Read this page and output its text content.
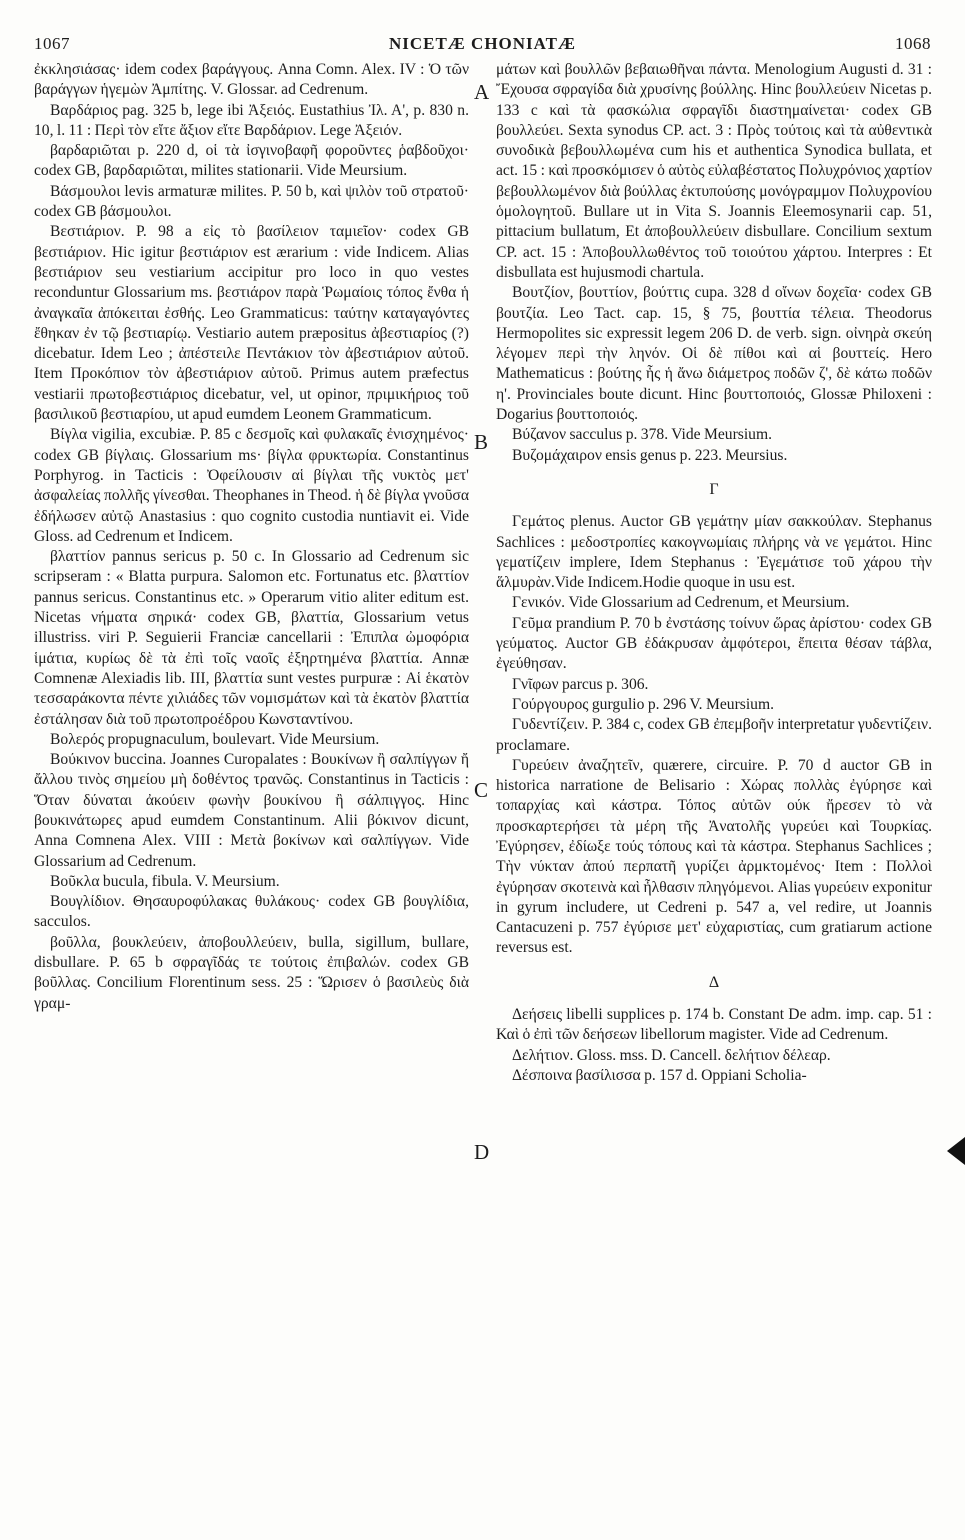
1067	NICETÆ CHONIATÆ	1068

ἐκκλησιάσας· idem codex βαράγγους. Anna Comn. Alex. IV : Ὁ τῶν βαράγγων ἡγεμὼν Ἀμπίτης. V. Glossar. ad Cedrenum.

Βαρδάριος pag. 325 b, lege ibi Ἀξειός. Eustathius Ἰλ. Α', p. 830 n. 10, l. 11 : Περὶ τὸν εἴτε ἄξιον εἴτε Βαρδάριον. Lege Ἀξειόν.

βαρδαριῶται p. 220 d, οἱ τὰ ἰσγινοβαφῆ φοροῦντες ῥαβδοῦχοι· codex GB, βαρδαριῶται, milites stationarii. Vide Meursium.

Βάσμουλοι levis armaturæ milites. P. 50 b, καὶ ψιλὸν τοῦ στρατοῦ· codex GB βάσμουλοι.

Βεστιάριον. P. 98 a εἰς τὸ βασίλειον ταμιεῖον· codex GB βεστιάριον. Hic igitur βεστιάριον est ærarium : vide Indicem. Alias βεστιάριον seu vestiarium accipitur pro loco in quo vestes reconduntur Glossarium ms. βεστιάρον παρὰ Ῥωμαίοις τόπος ἔνθα ἡ ἀναγκαῖα ἀπόκειται ἐσθής. Leo Grammaticus: ταύτην καταγαγόντες ἔθηκαν ἐν τῷ βεστιαρίῳ. Vestiario autem præpositus ἀβεστιαρίος (?) dicebatur. Idem Leo ; ἀπέστειλε Πεντάκιον τὸν ἀβεστιάριον αὐτοῦ. Item Προκόπιον τὸν ἀβεστιάριον αὐτοῦ. Primus autem præfectus vestiarii πρωτοβεστιάριος dicebatur, vel, ut opinor, πριμικήριος τοῦ βασιλικοῦ βεστιαρίου, ut apud eumdem Leonem Grammaticum.

Βίγλα vigilia, excubiæ. P. 85 c δεσμοῖς καὶ φυλακαῖς ἐνισχημένος· codex GB βίγλαις. Glossarium ms· βίγλα φρυκτωρία. Constantinus Porphyrog. in Tacticis : Ὀφείλουσιν αἱ βίγλαι τῆς νυκτὸς μετ' ἀσφαλείας πολλῆς γίνεσθαι. Theophanes in Theod. ἡ δὲ βίγλα γνοῦσα ἐδήλωσεν αὐτῷ Anastasius : quo cognito custodia nuntiavit ei. Vide Gloss. ad Cedrenum et Indicem.

βλαττίον pannus sericus p. 50 c. In Glossario ad Cedrenum sic scripseram : « Blatta purpura. Salomon etc. Fortunatus etc. βλαττίον pannus sericus. Constantinus etc. » Operarum vitio aliter editum est. Nicetas νήματα σηρικά· codex GB, βλαττία, Glossarium vetus illustriss. viri P. Seguierii Franciæ cancellarii : Ἐπιπλα ὠμοφόρια ἱμάτια, κυρίως δὲ τὰ ἐπὶ τοῖς ναοῖς ἐξηρτημένα βλαττία. Annæ Comnenæ Alexiadis lib. III, βλαττία sunt vestes purpuræ : Αἱ ἑκατὸν τεσσαράκοντα πέντε χιλιάδες τῶν νομισμάτων καὶ τὰ ἑκατὸν βλαττία ἐστάλησαν διὰ τοῦ πρωτοπροέδρου Κωνσταντίνου.

Βολερός propugnaculum, boulevart. Vide Meursium.

Βούκινον buccina. Joannes Curopalates : Βουκίνων ἢ σαλπίγγων ἤ ἄλλου τινὸς σημείου μὴ δοθέντος τρανῶς. Constantinus in Tacticis : Ὅταν δύναται ἀκούειν φωνὴν βουκίνου ἢ σάλπιγγος. Hinc βουκινάτωρες apud eumdem Constantinum. Alii βόκινον dicunt, Anna Comnena Alex. VIII : Μετὰ βοκίνων καὶ σαλπίγγων. Vide Glossarium ad Cedrenum.

Βοῦκλα bucula, fibula. V. Meursium.

Βουγλίδιον. Θησαυροφύλακας θυλάκους· codex GB βουγλίδια, sacculos.

βοῦλλα, βουκλεύειν, ἀποβουλλεύειν, bulla, sigillum, bullare, disbullare. P. 65 b σφραγῖδάς τε τούτοις ἐπιβαλών. codex GB βοῦλλας. Concilium Florentinum sess. 25 : Ὥρισεν ὁ βασιλεὺς διὰ γραμ-

μάτων καὶ βουλλῶν βεβαιωθῆναι πάντα. Menologium Augusti d. 31 : Ἔχουσα σφραγίδα διὰ χρυσίνης βούλλης. Hinc βουλλεύειν Nicetas p. 133 c καὶ τὰ φασκώλια σφραγῖδι διαστημαίνεται· codex GB βουλλεύει. Sexta synodus CP. act. 3 : Πρὸς τούτοις καὶ τὰ αὐθεντικὰ συνοδικὰ βεβουλλωμένα cum his et authentica Synodica bullata, et act. 15 : καὶ προσκόμισεν ὁ αὐτὸς εὐλαβέστατος Πολυχρόνιος χαρτίον βεβουλλωμένον διὰ βούλλας ἐκτυπούσης μονόγραμμον Πολυχρονίου ὁμολογητοῦ. Bullare ut in Vita S. Joannis Eleemosynarii cap. 51, pittacium bullatum, Et ἀποβουλλεύειν disbullare. Concilium sextum CP. act. 15 : Ἀποβουλλωθέντος τοῦ τοιούτου χάρτου. Interpres : Et disbullata est hujusmodi chartula.

Βουτζίον, βουττίον, βούττις cupa. 328 d οἴνων δοχεῖα· codex GB βουτζία. Leo Tact. cap. 15, § 75, βουττία τέλεια. Theodorus Hermopolites sic expressit legem 206 D. de verb. sign. οἰνηρὰ σκεύη λέγομεν περὶ τὴν ληνόν. Οἱ δὲ πίθοι καὶ αἱ βουττείς. Hero Mathematicus : βούτης ἧς ἡ ἄνω διάμετρος ποδῶν ζ', δὲ κάτω ποδῶν η'. Provinciales boute dicunt. Hinc βουττοποιός, Glossæ Philoxeni : Dogarius βουττοποιός.

Βύζανον sacculus p. 378. Vide Meursium.

Βυζομάχαιρον ensis genus p. 223. Meursius.

Γ

Γεμάτος plenus. Auctor GB γεμάτην μίαν σακκούλαν. Stephanus Sachlices : μεδοστροπίες κακογνωμίαις πλήρης νὰ νε γεμάτοι. Hinc γεματίζειν implere, Idem Stephanus : Ἐγεμάτισε τοῦ χάρου τὴν ἅλμυρὰν.Vide Indicem.Hodie quoque in usu est.

Γενικόν. Vide Glossarium ad Cedrenum, et Meursium.

Γεῦμα prandium P. 70 b ἐνστάσης τοίνυν ὥρας ἀρίστου· codex GB γεύματος. Auctor GB ἐδάκρυσαν ἀμφότεροι, ἔπειτα θέσαν τάβλα, ἐγεύθησαν.

Γνῖφων parcus p. 306.

Γούργουρος gurgulio p. 296 V. Meursium.

Γυδεντίζειν. P. 384 c, codex GB ἐπεμβοῆν interpretatur γυδεντίζειν. proclamare.

Γυρεύειν ἀναζητεῖν, quærere, circuire. P. 70 d auctor GB in historica narratione de Belisario : Χώρας πολλὰς ἐγύρησε καὶ τοπαρχίας καὶ κάστρα. Τόπος αὐτῶν ούκ ἤρεσεν τὸ νὰ προσκαρτερήσει τὰ μέρη τῆς Ἀνατολῆς γυρεύει καὶ Τουρκίας. Ἐγύρησεν, ἐδίωξε τούς τόπους καὶ τὰ κάστρα. Stephanus Sachlices ; Τὴν νύκταν ἀπού περπατῆ γυρίζει ἀρμκτομένος· Item : Πολλοὶ ἐγύρησαν σκοτεινὰ καὶ ἦλθασιν πληγόμενοι. Alias γυρεύειν exponitur in gyrum includere, ut Cedreni p. 547 a, vel redire, ut Joannis Cantacuzeni p. 757 ἐγύρισε μετ' εὐχαριστίας, cum gratiarum actione reversus est.

Δ

Δεήσεις libelli supplices p. 174 b. Constant De adm. imp. cap. 51 : Καὶ ὁ ἐπὶ τῶν δεήσεων libellorum magister. Vide ad Cedrenum.

Δελήτιον. Gloss. mss. D. Cancell. δελήτιον δέλεαρ.

Δέσποινα βασίλισσα p. 157 d. Oppiani Scholia-

A
B
C
D
